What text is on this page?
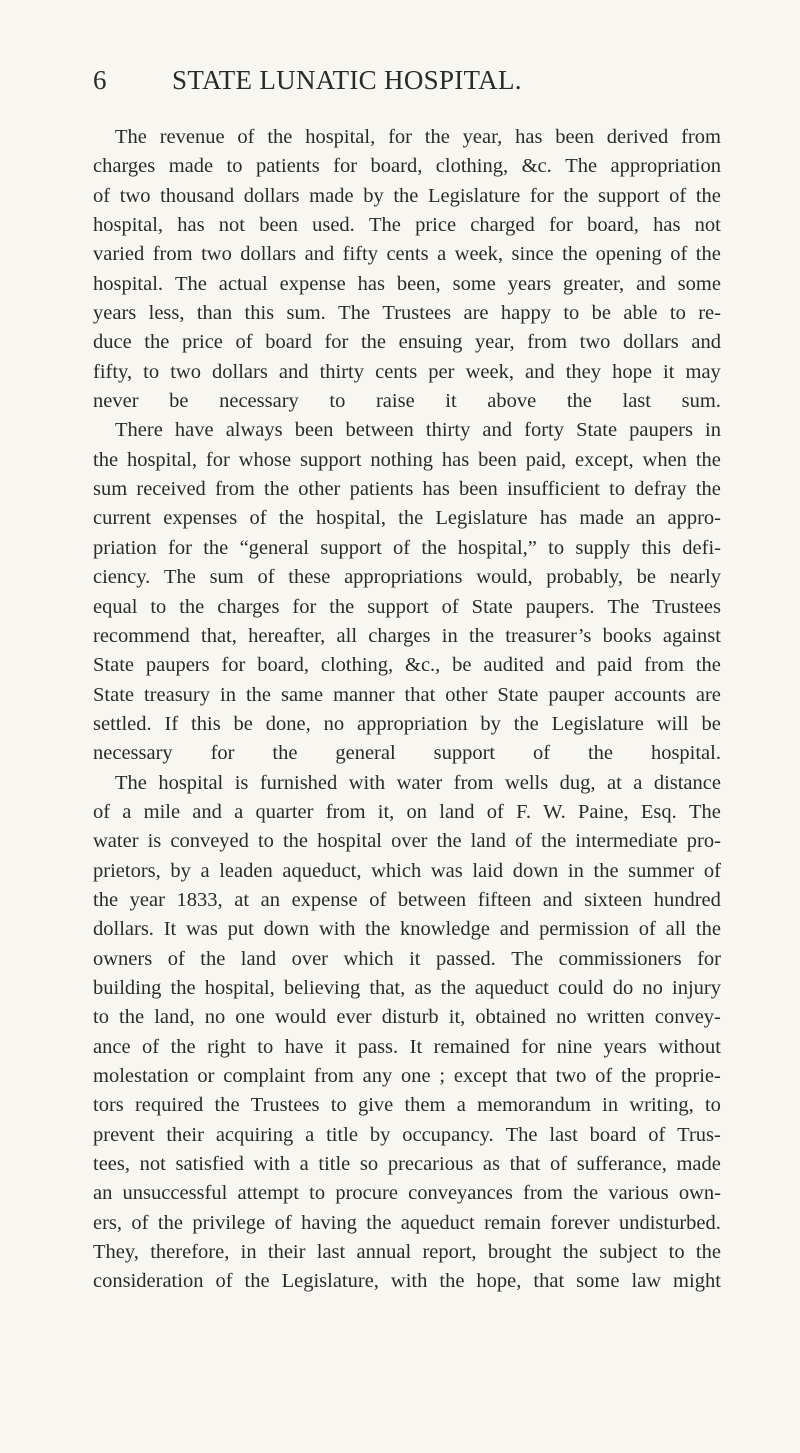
6 STATE LUNATIC HOSPITAL.
The revenue of the hospital, for the year, has been derived from
charges made to patients for board, clothing, &c. The appropriation
of two thousand dollars made by the Legislature for the support of the
hospital, has not been used. The price charged for board, has not
varied from two dollars and fifty cents a week, since the opening of the
hospital. The actual expense has been, some years greater, and some
years less, than this sum. The Trustees are happy to be able to re-
duce the price of board for the ensuing year, from two dollars and
fifty, to two dollars and thirty cents per week, and they hope it may
never be necessary to raise it above the last sum.
There have always been between thirty and forty State paupers in
the hospital, for whose support nothing has been paid, except, when the
sum received from the other patients has been insufficient to defray the
current expenses of the hospital, the Legislature has made an appro-
priation for the “general support of the hospital,” to supply this defi-
ciency. The sum of these appropriations would, probably, be nearly
equal to the charges for the support of State paupers. The Trustees
recommend that, hereafter, all charges in the treasurer’s books against
State paupers for board, clothing, &c., be audited and paid from the
State treasury in the same manner that other State pauper accounts are
settled. If this be done, no appropriation by the Legislature will be
necessary for the general support of the hospital.
The hospital is furnished with water from wells dug, at a distance
of a mile and a quarter from it, on land of F. W. Paine, Esq. The
water is conveyed to the hospital over the land of the intermediate pro-
prietors, by a leaden aqueduct, which was laid down in the summer of
the year 1833, at an expense of between fifteen and sixteen hundred
dollars. It was put down with the knowledge and permission of all the
owners of the land over which it passed. The commissioners for
building the hospital, believing that, as the aqueduct could do no injury
to the land, no one would ever disturb it, obtained no written convey-
ance of the right to have it pass. It remained for nine years without
molestation or complaint from any one ; except that two of the proprie-
tors required the Trustees to give them a memorandum in writing, to
prevent their acquiring a title by occupancy. The last board of Trus-
tees, not satisfied with a title so precarious as that of sufferance, made
an unsuccessful attempt to procure conveyances from the various own-
ers, of the privilege of having the aqueduct remain forever undisturbed.
They, therefore, in their last annual report, brought the subject to the
consideration of the Legislature, with the hope, that some law might
